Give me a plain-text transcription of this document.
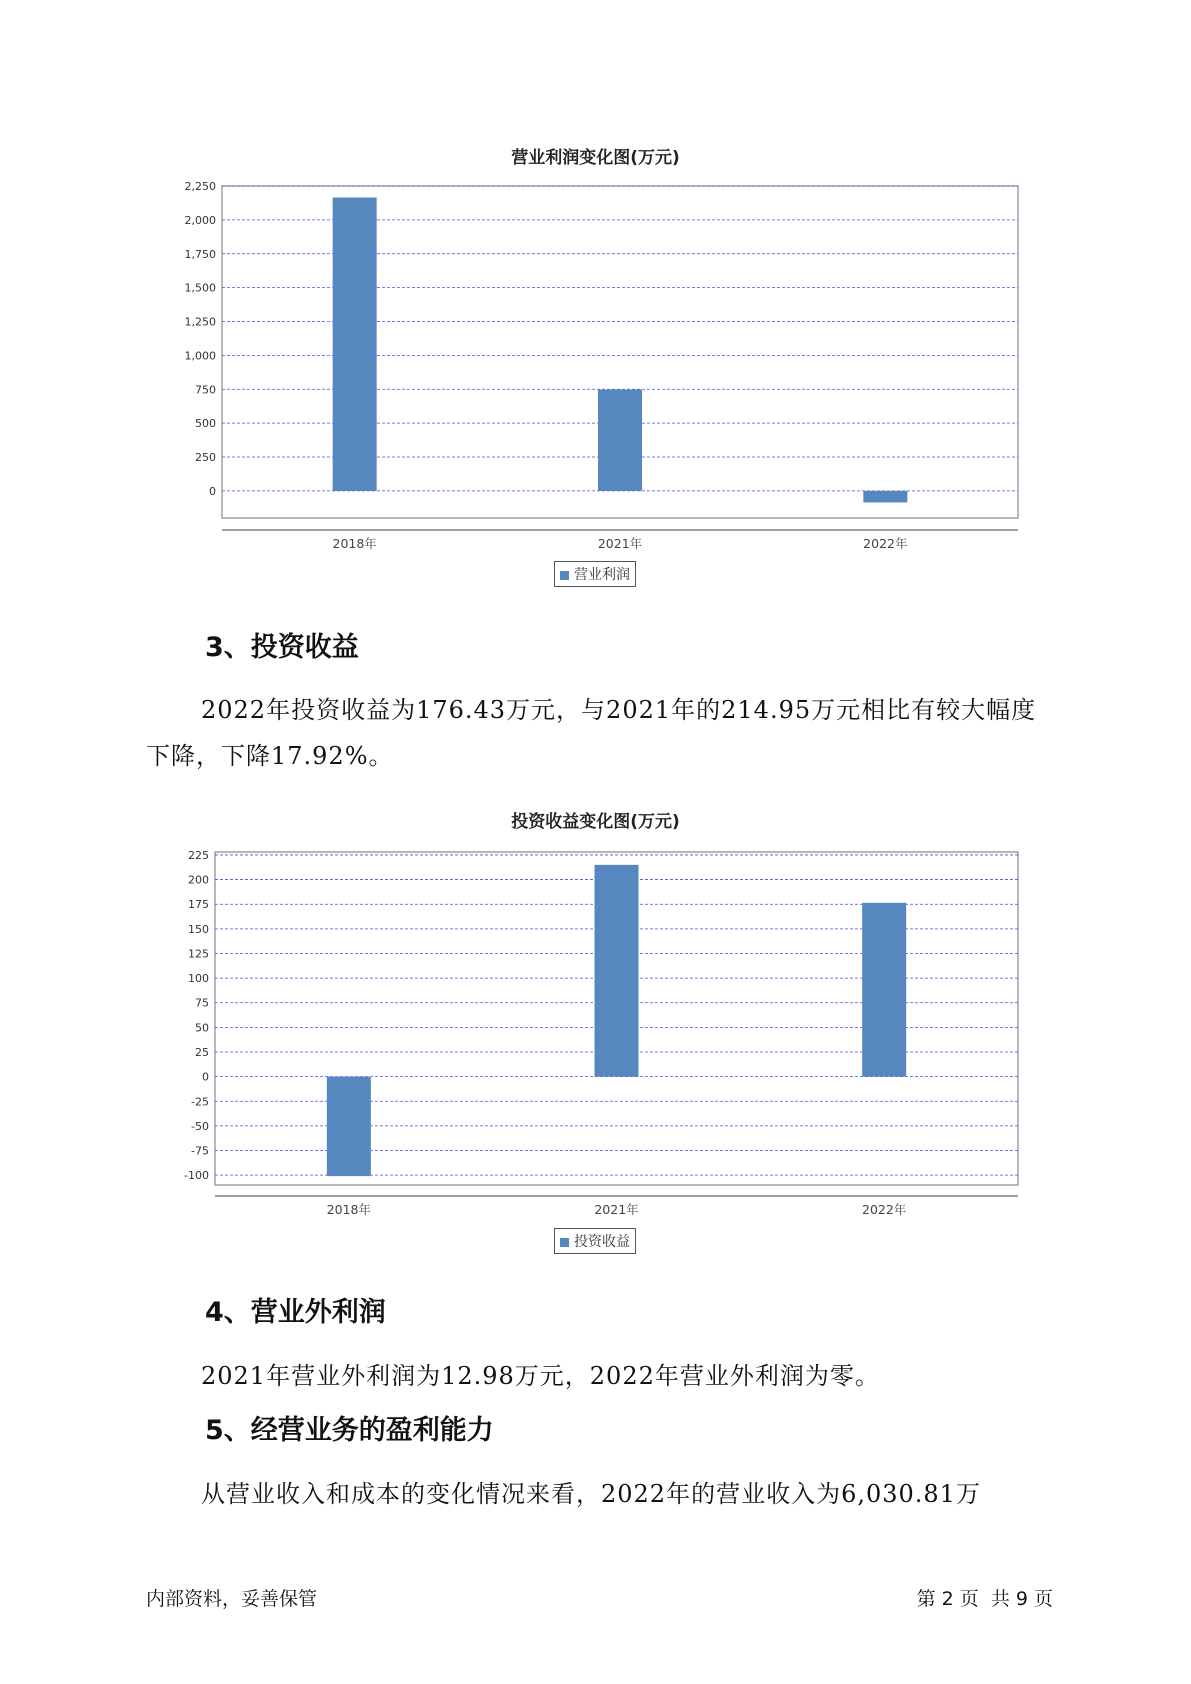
营业利润变化图(万元)
0
250
500
750
1,000
1,250
1,500
1,750
2,000
2,250
2018年	2021年	2022年
营业利润
3、投资收益
2022年投资收益为176.43万元，与2021年的214.95万元相比有较大幅度下降，下降17.92%。
投资收益变化图(万元)
-100
-75
-50
-25
0
25
50
75
100
125
150
175
200
225
2018年	2021年	2022年
投资收益
4、营业外利润
2021年营业外利润为12.98万元，2022年营业外利润为零。
5、经营业务的盈利能力
从营业收入和成本的变化情况来看，2022年的营业收入为6,030.81万
内部资料，妥善保管	第 2 页  共 9 页
